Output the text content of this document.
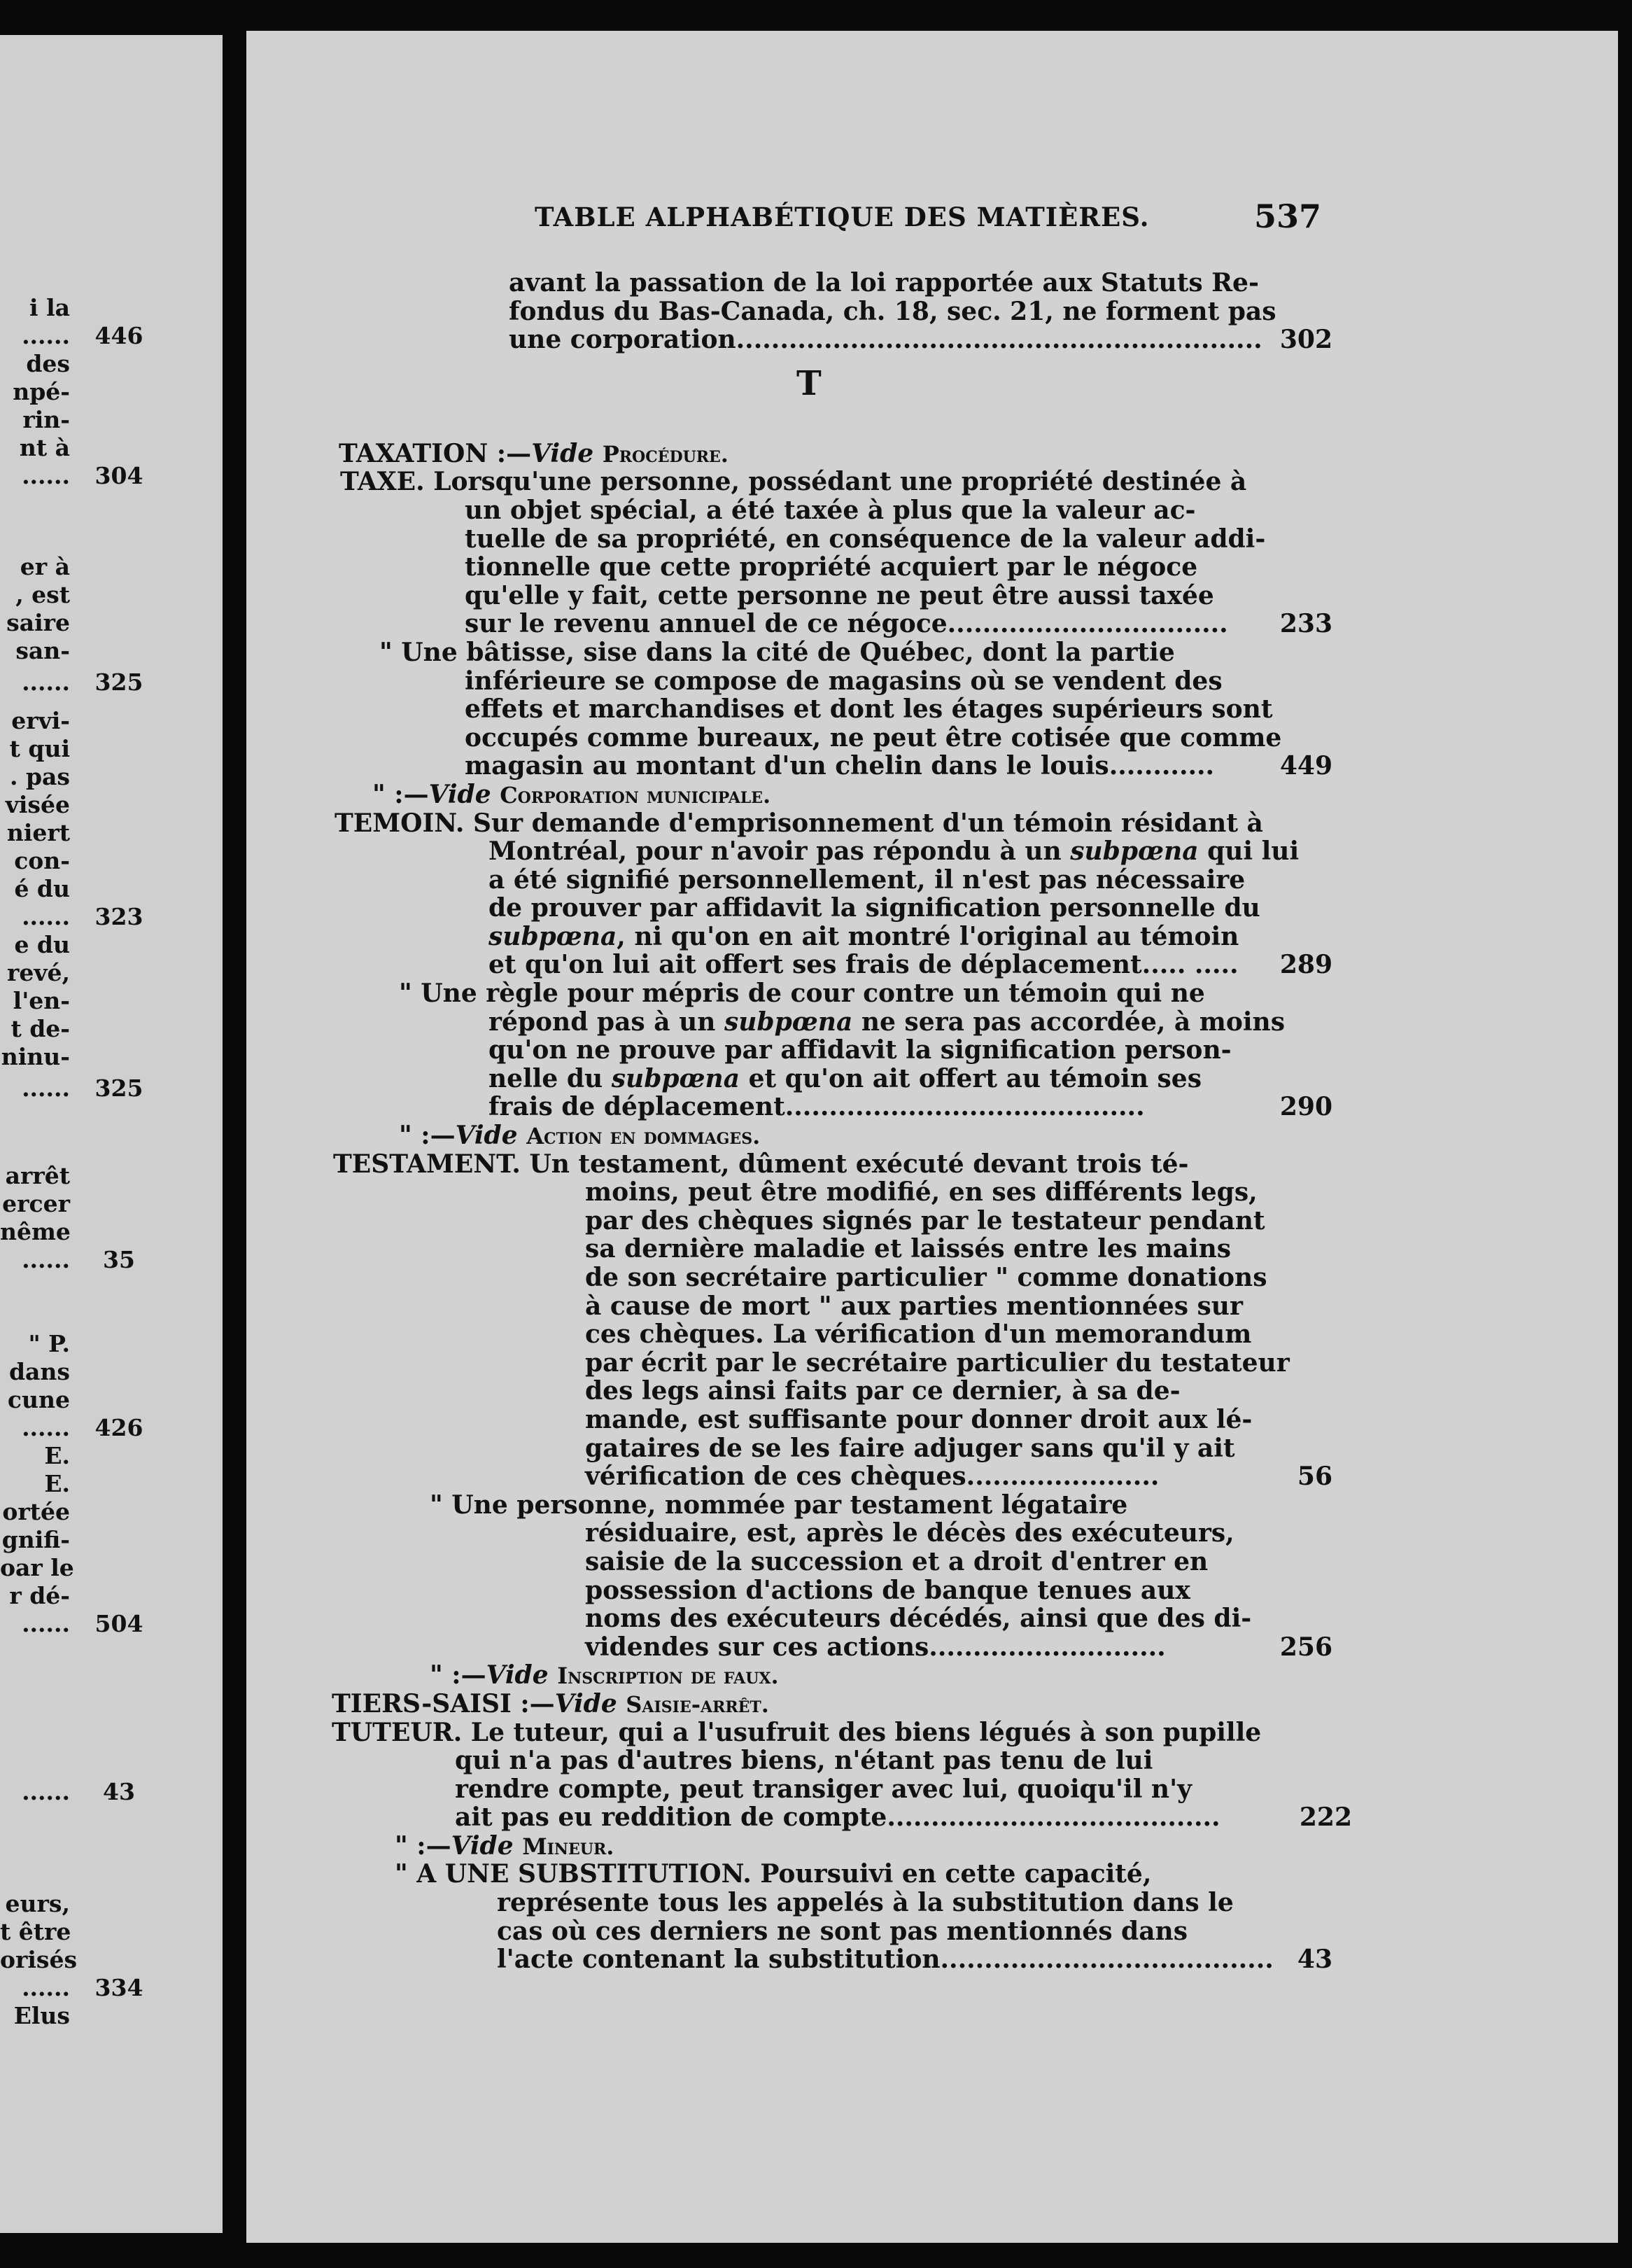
i la
...... 446
des
npé-
rin-
nt à
...... 304
er à
, est
saire
san-
...... 325
ervi-
t qui
. pas
visée
niert
con-
é du
...... 323
e du
revé,
l'en-
t de-
ninu-
...... 325
arrêt
ercer
nême
......	35
" P.
dans
cune
...... 426
E.
E.
ortée
gnifi-
oar le
r dé-
...... 504
......	43
eurs,
t être
orisés
...... 334
Elus
TABLE ALPHABÉTIQUE DES MATIÈRES.	537
avant la passation de la loi rapportée aux Statuts Re-
fondus du Bas-Canada, ch. 18, sec. 21, ne forment pas
une corporation............................................................ 302
T
TAXATION :—Vide Procédure.
TAXE. Lorsqu'une personne, possédant une propriété destinée à
un objet spécial, a été taxée à plus que la valeur ac-
tuelle de sa propriété, en conséquence de la valeur addi-
tionnelle que cette propriété acquiert par le négoce
qu'elle y fait, cette personne ne peut être aussi taxée
sur le revenu annuel de ce négoce................................	233
" Une bâtisse, sise dans la cité de Québec, dont la partie
inférieure se compose de magasins où se vendent des
effets et marchandises et dont les étages supérieurs sont
occupés comme bureaux, ne peut être cotisée que comme
magasin au montant d'un chelin dans le louis............	449
" :—Vide Corporation municipale.
TEMOIN. Sur demande d'emprisonnement d'un témoin résidant à
Montréal, pour n'avoir pas répondu à un subpœna qui lui
a été signifié personnellement, il n'est pas nécessaire
de prouver par affidavit la signification personnelle du
subpœna, ni qu'on en ait montré l'original au témoin
et qu'on lui ait offert ses frais de déplacement..... .....	289
" Une règle pour mépris de cour contre un témoin qui ne
répond pas à un subpœna ne sera pas accordée, à moins
qu'on ne prouve par affidavit la signification person-
nelle du subpœna et qu'on ait offert au témoin ses
frais de déplacement.........................................	290
" :—Vide Action en dommages.
TESTAMENT. Un testament, dûment exécuté devant trois té-
moins, peut être modifié, en ses différents legs,
par des chèques signés par le testateur pendant
sa dernière maladie et laissés entre les mains
de son secrétaire particulier " comme donations
à cause de mort " aux parties mentionnées sur
ces chèques. La vérification d'un memorandum
par écrit par le secrétaire particulier du testateur
des legs ainsi faits par ce dernier, à sa de-
mande, est suffisante pour donner droit aux lé-
gataires de se les faire adjuger sans qu'il y ait
vérification de ces chèques......................	56
" Une personne, nommée par testament légataire
résiduaire, est, après le décès des exécuteurs,
saisie de la succession et a droit d'entrer en
possession d'actions de banque tenues aux
noms des exécuteurs décédés, ainsi que des di-
videndes sur ces actions...........................	256
" :—Vide Inscription de faux.
TIERS-SAISI :—Vide Saisie-arrêt.
TUTEUR. Le tuteur, qui a l'usufruit des biens légués à son pupille
qui n'a pas d'autres biens, n'étant pas tenu de lui
rendre compte, peut transiger avec lui, quoiqu'il n'y
ait pas eu reddition de compte......................................	222
" :—Vide Mineur.
" A UNE SUBSTITUTION. Poursuivi en cette capacité,
représente tous les appelés à la substitution dans le
cas où ces derniers ne sont pas mentionnés dans
l'acte contenant la substitution...................................... 43
